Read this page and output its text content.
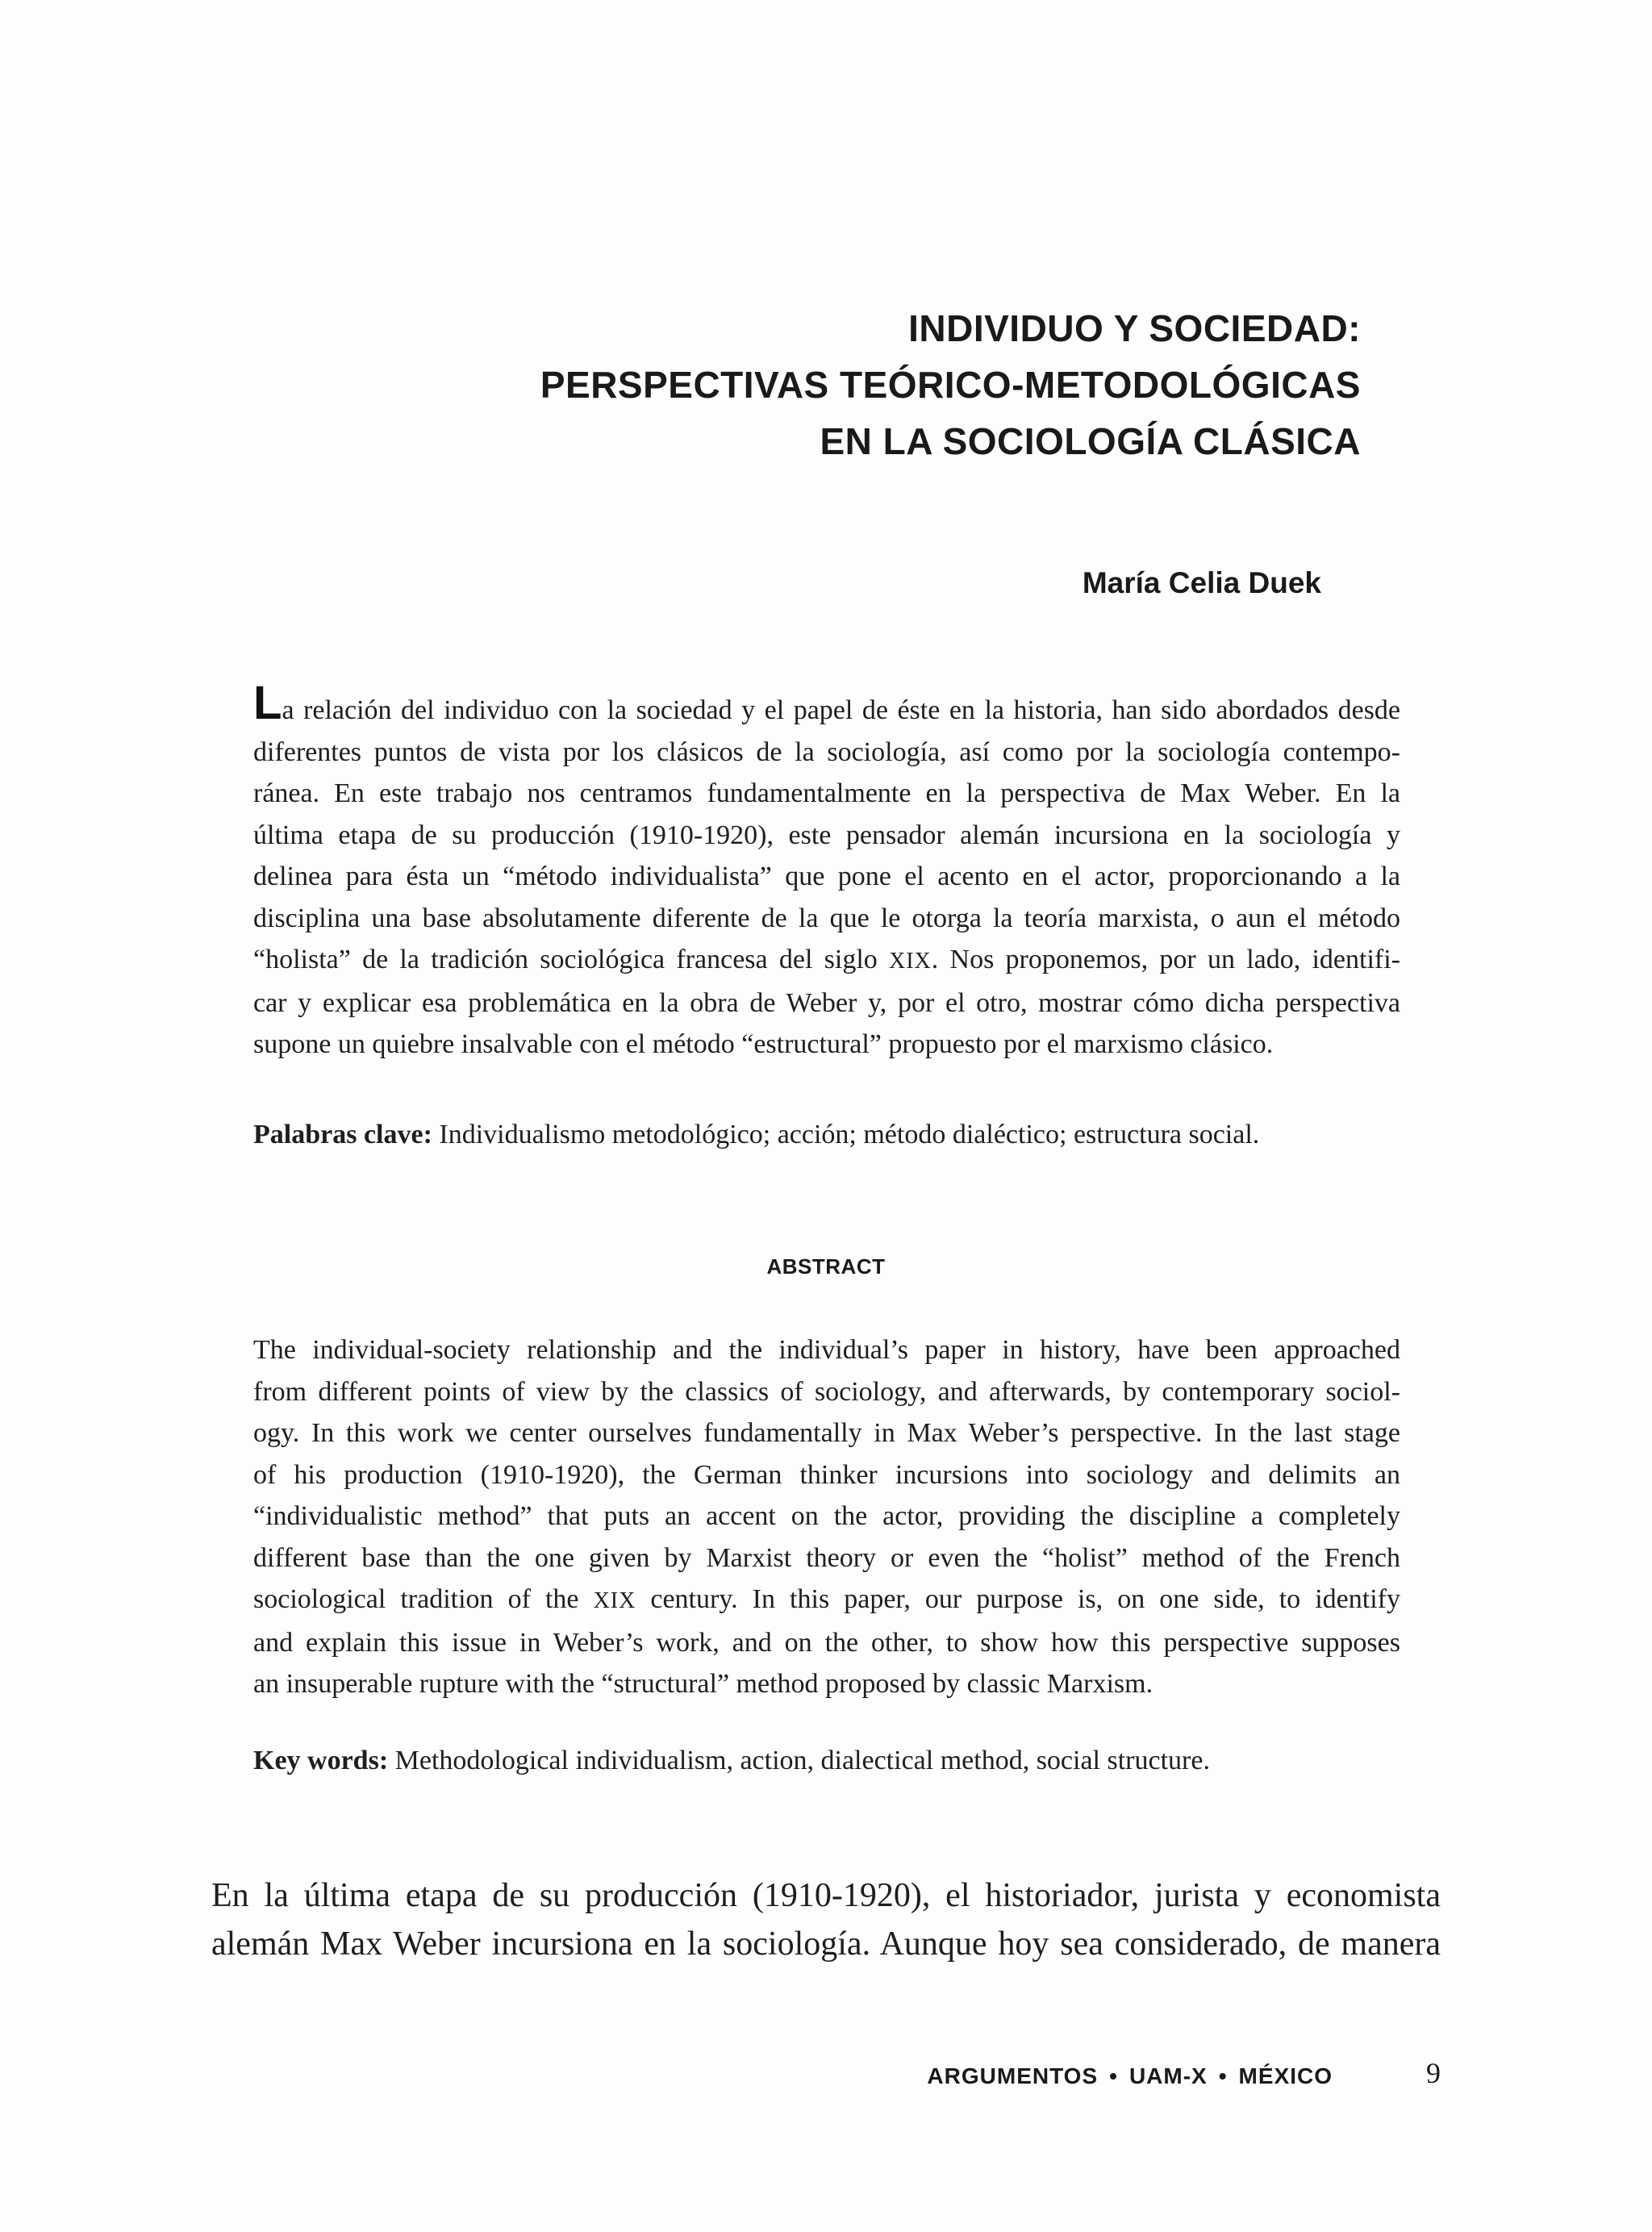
INDIVIDUO Y SOCIEDAD:
PERSPECTIVAS TEÓRICO-METODOLÓGICAS
EN LA SOCIOLOGÍA CLÁSICA
María Celia Duek
La relación del individuo con la sociedad y el papel de éste en la historia, han sido abordados desde
diferentes puntos de vista por los clásicos de la sociología, así como por la sociología contempo-
ránea. En este trabajo nos centramos fundamentalmente en la perspectiva de Max Weber. En la
última etapa de su producción (1910-1920), este pensador alemán incursiona en la sociología y
delinea para ésta un “método individualista” que pone el acento en el actor, proporcionando a la
disciplina una base absolutamente diferente de la que le otorga la teoría marxista, o aun el método
“holista” de la tradición sociológica francesa del siglo XIX. Nos proponemos, por un lado, identifi-
car y explicar esa problemática en la obra de Weber y, por el otro, mostrar cómo dicha perspectiva
supone un quiebre insalvable con el método “estructural” propuesto por el marxismo clásico.
Palabras clave: Individualismo metodológico; acción; método dialéctico; estructura social.
ABSTRACT
The individual-society relationship and the individual’s paper in history, have been approached
from different points of view by the classics of sociology, and afterwards, by contemporary sociol-
ogy. In this work we center ourselves fundamentally in Max Weber’s perspective. In the last stage
of his production (1910-1920), the German thinker incursions into sociology and delimits an
“individualistic method” that puts an accent on the actor, providing the discipline a completely
different base than the one given by Marxist theory or even the “holist” method of the French
sociological tradition of the XIX century. In this paper, our purpose is, on one side, to identify
and explain this issue in Weber’s work, and on the other, to show how this perspective supposes
an insuperable rupture with the “structural” method proposed by classic Marxism.
Key words: Methodological individualism, action, dialectical method, social structure.
En la última etapa de su producción (1910-1920), el historiador, jurista y economista
alemán Max Weber incursiona en la sociología. Aunque hoy sea considerado, de manera
ARGUMENTOS • UAM-X • MÉXICO	9
